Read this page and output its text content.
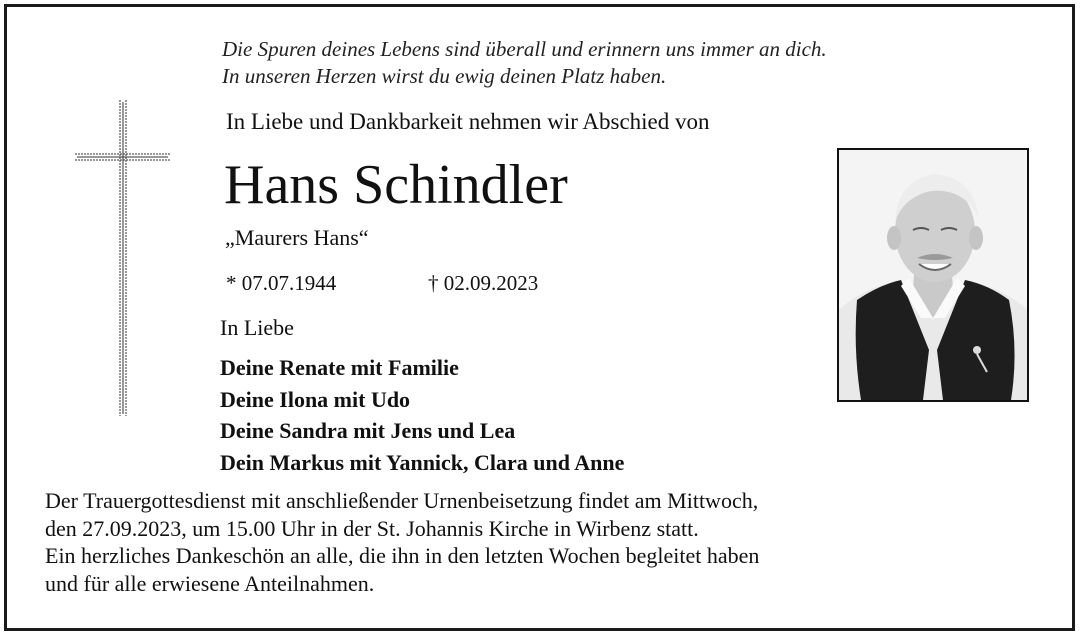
Die Spuren deines Lebens sind überall und erinnern uns immer an dich.
In unseren Herzen wirst du ewig deinen Platz haben.
In Liebe und Dankbarkeit nehmen wir Abschied von
Hans Schindler
„Maurers Hans“
* 07.07.1944	† 02.09.2023
In Liebe
Deine Renate mit Familie
Deine Ilona mit Udo
Deine Sandra mit Jens und Lea
Dein Markus mit Yannick, Clara und Anne
Der Trauergottesdienst mit anschließender Urnenbeisetzung findet am Mittwoch,
den 27.09.2023, um 15.00 Uhr in der St. Johannis Kirche in Wirbenz statt.
Ein herzliches Dankeschön an alle, die ihn in den letzten Wochen begleitet haben
und für alle erwiesene Anteilnahmen.
